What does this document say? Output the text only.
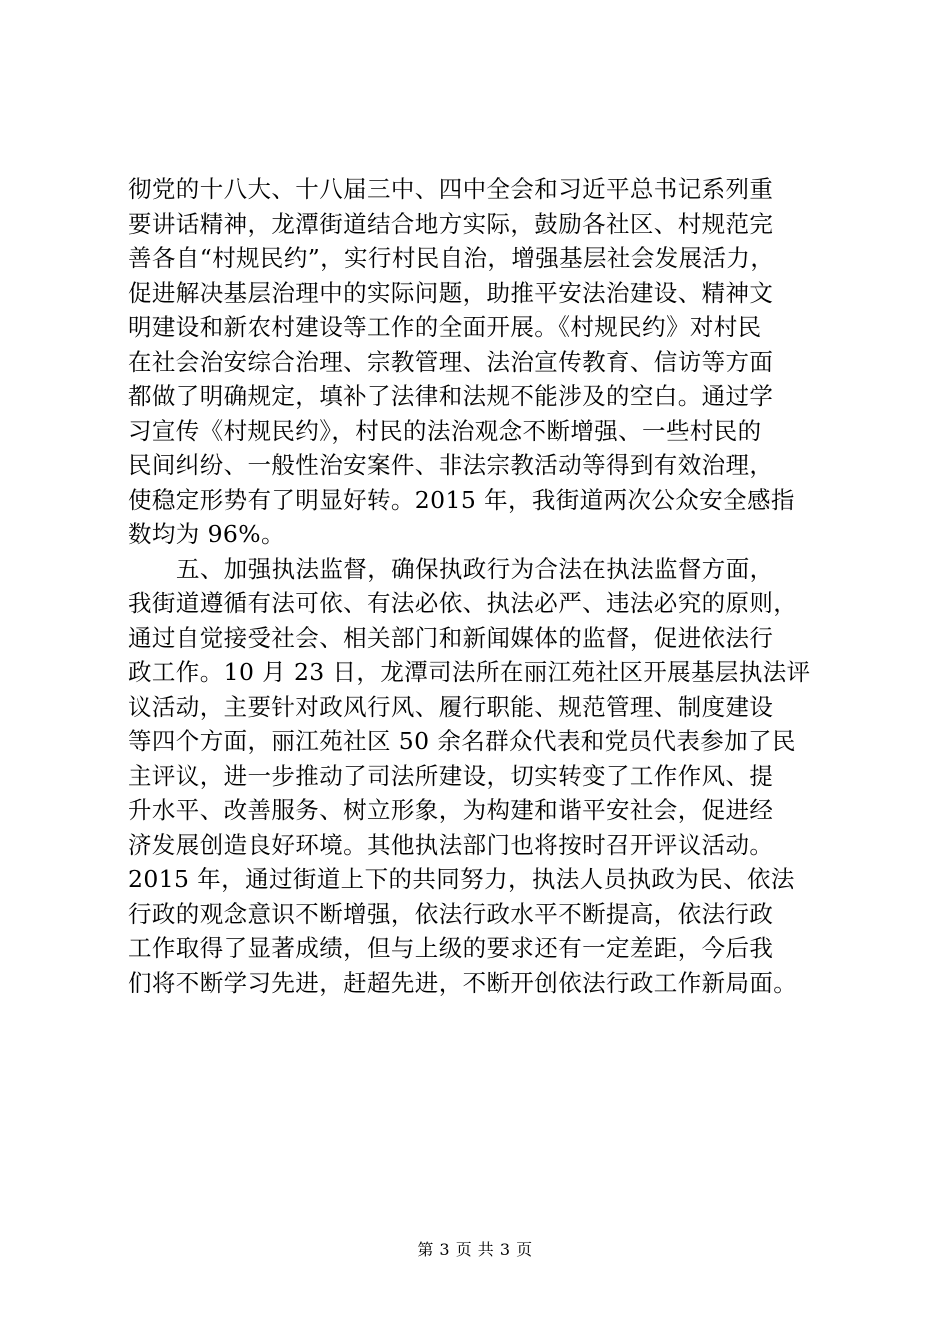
彻党的十八大、十八届三中、四中全会和习近平总书记系列重
要讲话精神，龙潭街道结合地方实际，鼓励各社区、村规范完
善各自“村规民约”，实行村民自治，增强基层社会发展活力，
促进解决基层治理中的实际问题，助推平安法治建设、精神文
明建设和新农村建设等工作的全面开展。《村规民约》对村民
在社会治安综合治理、宗教管理、法治宣传教育、信访等方面
都做了明确规定，填补了法律和法规不能涉及的空白。通过学
习宣传《村规民约》，村民的法治观念不断增强、一些村民的
民间纠纷、一般性治安案件、非法宗教活动等得到有效治理，
使稳定形势有了明显好转。2015 年，我街道两次公众安全感指
数均为 96%。
五、加强执法监督，确保执政行为合法在执法监督方面，
我街道遵循有法可依、有法必依、执法必严、违法必究的原则，
通过自觉接受社会、相关部门和新闻媒体的监督，促进依法行
政工作。10 月 23 日，龙潭司法所在丽江苑社区开展基层执法评
议活动，主要针对政风行风、履行职能、规范管理、制度建设
等四个方面，丽江苑社区 50 余名群众代表和党员代表参加了民
主评议，进一步推动了司法所建设，切实转变了工作作风、提
升水平、改善服务、树立形象，为构建和谐平安社会，促进经
济发展创造良好环境。其他执法部门也将按时召开评议活动。
2015 年，通过街道上下的共同努力，执法人员执政为民、依法
行政的观念意识不断增强，依法行政水平不断提高，依法行政
工作取得了显著成绩，但与上级的要求还有一定差距，今后我
们将不断学习先进，赶超先进，不断开创依法行政工作新局面。
第 3 页 共 3 页
